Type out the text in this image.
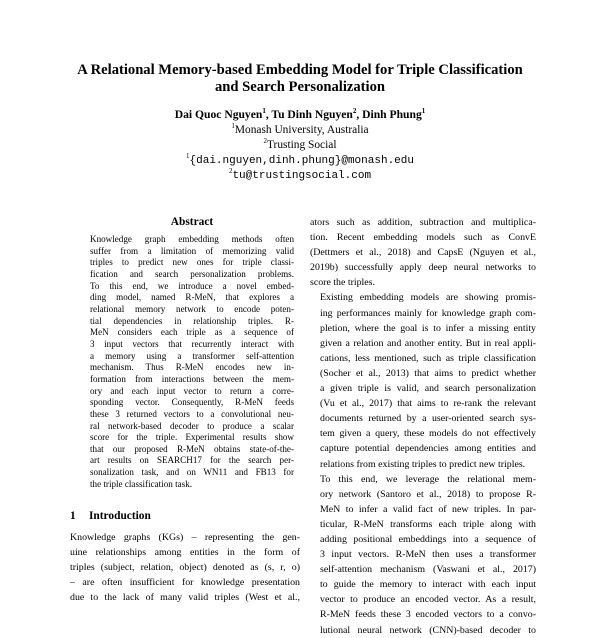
A Relational Memory-based Embedding Model for Triple Classification
and Search Personalization
Dai Quoc Nguyen$^1$, Tu Dinh Nguyen$^2$, Dinh Phung$^1$
$^1$Monash University, Australia
$^2$Trusting Social
$^1${dai.nguyen,dinh.phung}@monash.edu
$^2$tu@trustingsocial.com
Abstract
Knowledge graph embedding methods often
suffer from a limitation of memorizing valid
triples to predict new ones for triple classi-
fication and search personalization problems.
To this end, we introduce a novel embed-
ding model, named R-MeN, that explores a
relational memory network to encode poten-
tial dependencies in relationship triples. R-
MeN considers each triple as a sequence of
3 input vectors that recurrently interact with
a memory using a transformer self-attention
mechanism. Thus R-MeN encodes new in-
formation from interactions between the mem-
ory and each input vector to return a corre-
sponding vector. Consequently, R-MeN feeds
these 3 returned vectors to a convolutional neu-
ral network-based decoder to produce a scalar
score for the triple. Experimental results show
that our proposed R-MeN obtains state-of-the-
art results on SEARCH17 for the search per-
sonalization task, and on WN11 and FB13 for
the triple classification task.
1 Introduction
Knowledge graphs (KGs) – representing the gen-
uine relationships among entities in the form of
triples (subject, relation, object) denoted as (s, r, o)
– are often insufficient for knowledge presentation
due to the lack of many valid triples (West et al.,

ators such as addition, subtraction and multiplica-
tion. Recent embedding models such as ConvE
(Dettmers et al., 2018) and CapsE (Nguyen et al.,
2019b) successfully apply deep neural networks to
score the triples.

Existing embedding models are showing promis-
ing performances mainly for knowledge graph com-
pletion, where the goal is to infer a missing entity
given a relation and another entity. But in real appli-
cations, less mentioned, such as triple classification
(Socher et al., 2013) that aims to predict whether
a given triple is valid, and search personalization
(Vu et al., 2017) that aims to re-rank the relevant
documents returned by a user-oriented search sys-
tem given a query, these models do not effectively
capture potential dependencies among entities and
relations from existing triples to predict new triples.

To this end, we leverage the relational mem-
ory network (Santoro et al., 2018) to propose R-
MeN to infer a valid fact of new triples. In par-
ticular, R-MeN transforms each triple along with
adding positional embeddings into a sequence of
3 input vectors. R-MeN then uses a transformer
self-attention mechanism (Vaswani et al., 2017)
to guide the memory to interact with each input
vector to produce an encoded vector. As a result,
R-MeN feeds these 3 encoded vectors to a convo-
lutional neural network (CNN)-based decoder to
